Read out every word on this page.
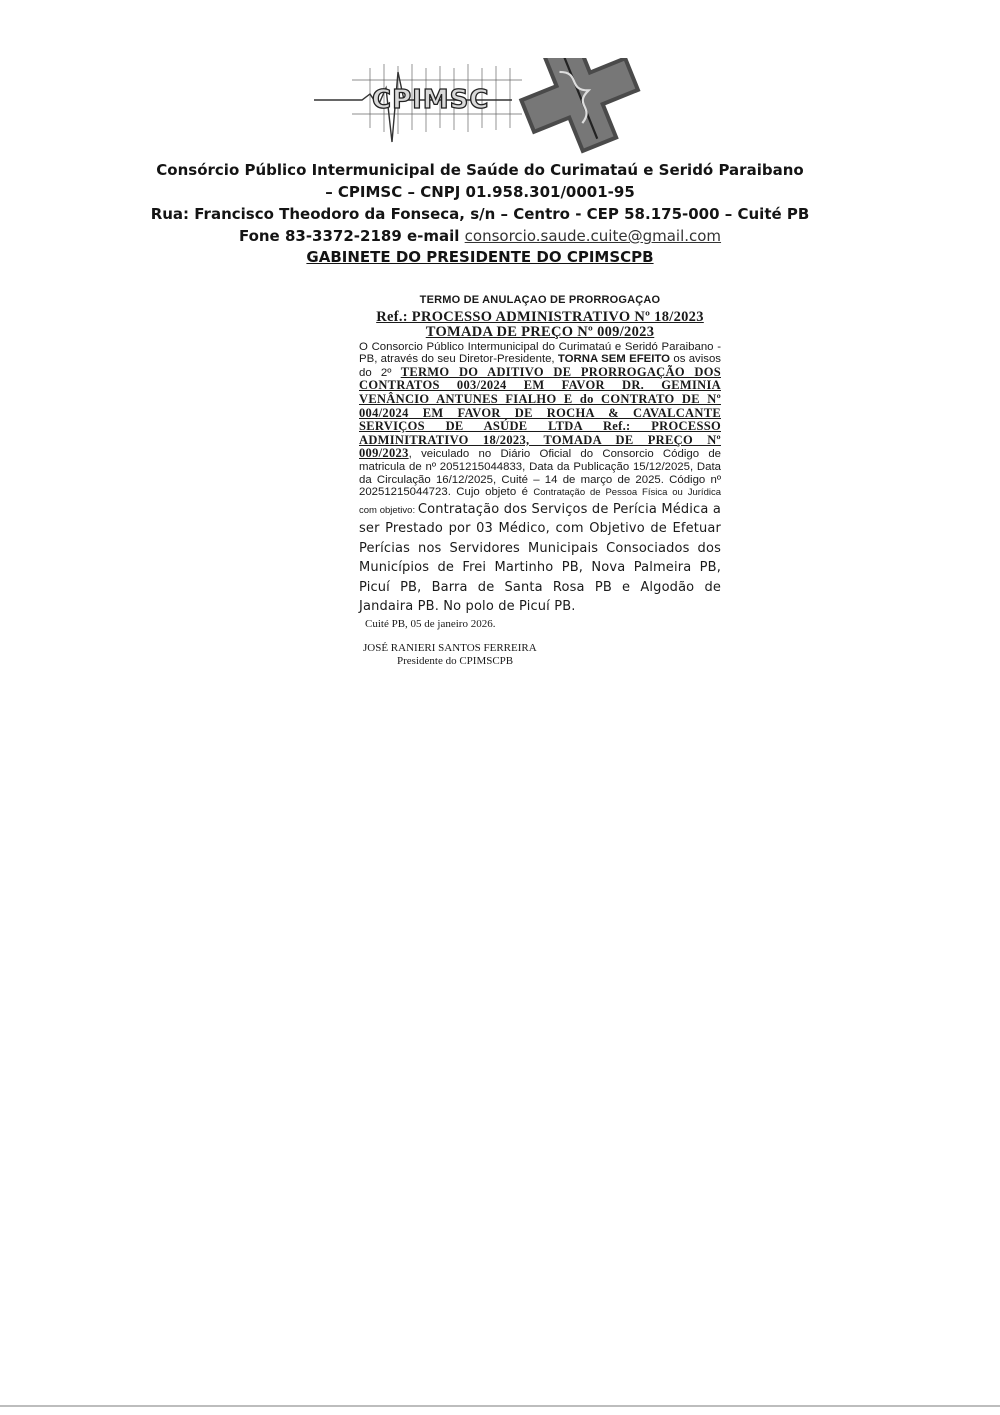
CPIMSC
Consórcio Público Intermunicipal de Saúde do Curimataú e Seridó Paraibano
– CPIMSC – CNPJ 01.958.301/0001-95
Rua: Francisco Theodoro da Fonseca, s/n – Centro - CEP 58.175-000 – Cuité PB
Fone 83-3372-2189 e-mail consorcio.saude.cuite@gmail.com
GABINETE DO PRESIDENTE DO CPIMSCPB
TERMO DE ANULAÇAO DE PRORROGAÇAO
Ref.: PROCESSO ADMINISTRATIVO Nº 18/2023
TOMADA DE PREÇO Nº 009/2023
O Consorcio Público Intermunicipal do Curimataú e Seridó Paraibano - PB, através do seu Diretor-Presidente, TORNA SEM EFEITO os avisos do 2º TERMO DO ADITIVO DE PRORROGAÇÃO DOS CONTRATOS 003/2024 EM FAVOR DR. GEMINIA VENÂNCIO ANTUNES FIALHO E do CONTRATO DE Nº 004/2024 EM FAVOR DE ROCHA & CAVALCANTE SERVIÇOS DE ASÚDE LTDA Ref.: PROCESSO ADMINITRATIVO 18/2023, TOMADA DE PREÇO Nº 009/2023, veiculado no Diário Oficial do Consorcio Código de matricula de nº 2051215044833, Data da Publicação 15/12/2025, Data da Circulação 16/12/2025, Cuité – 14 de março de 2025. Código nº 20251215044723. Cujo objeto é Contratação de Pessoa Física ou Jurídica com objetivo: Contratação dos Serviços de Perícia Médica a ser Prestado por 03 Médico, com Objetivo de Efetuar Perícias nos Servidores Municipais Consociados dos Municípios de Frei Martinho PB, Nova Palmeira PB, Picuí PB, Barra de Santa Rosa PB e Algodão de Jandaira PB. No polo de Picuí PB.
Cuité PB, 05 de janeiro 2026.
JOSÉ RANIERI SANTOS FERREIRA
Presidente do CPIMSCPB
